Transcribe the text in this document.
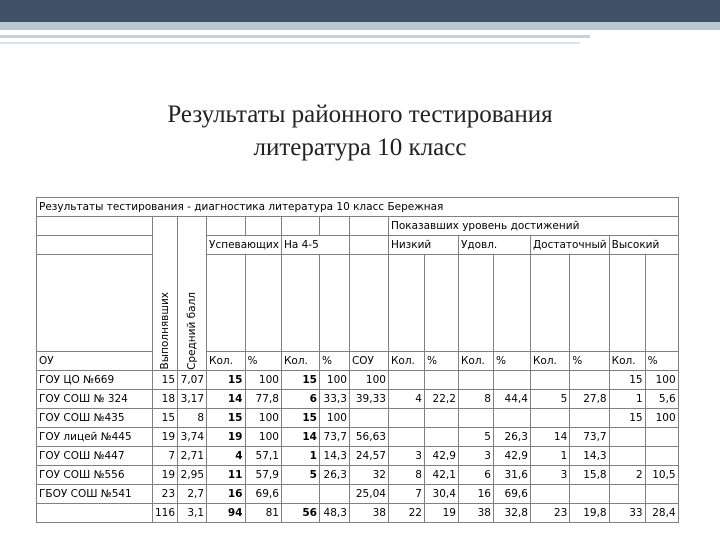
Результаты районного тестирования
литература 10 класс
Результаты тестирования - диагностика литература 10 класс Бережная															

	Выполнявших	Средний балл						Показавших уровень достижений							
			Успевающих		На 4-5			Низкий		Удовл.		Достаточный		Высокий	

ОУ			Кол.	%	Кол.	%	СОУ	Кол.	%	Кол.	%	Кол.	%	Кол.	%
ГОУ ЦО №669	15	7,07	15	100	15	100	100							15	100
ГОУ СОШ № 324	18	3,17	14	77,8	6	33,3	39,33	4	22,2	8	44,4	5	27,8	1	5,6
ГОУ СОШ №435	15	8	15	100	15	100								15	100
ГОУ лицей №445	19	3,74	19	100	14	73,7	56,63			5	26,3	14	73,7		
ГОУ СОШ №447	7	2,71	4	57,1	1	14,3	24,57	3	42,9	3	42,9	1	14,3		
ГОУ СОШ №556	19	2,95	11	57,9	5	26,3	32	8	42,1	6	31,6	3	15,8	2	10,5
ГБОУ СОШ №541	23	2,7	16	69,6			25,04	7	30,4	16	69,6				
	116	3,1	94	81	56	48,3	38	22	19	38	32,8	23	19,8	33	28,4
